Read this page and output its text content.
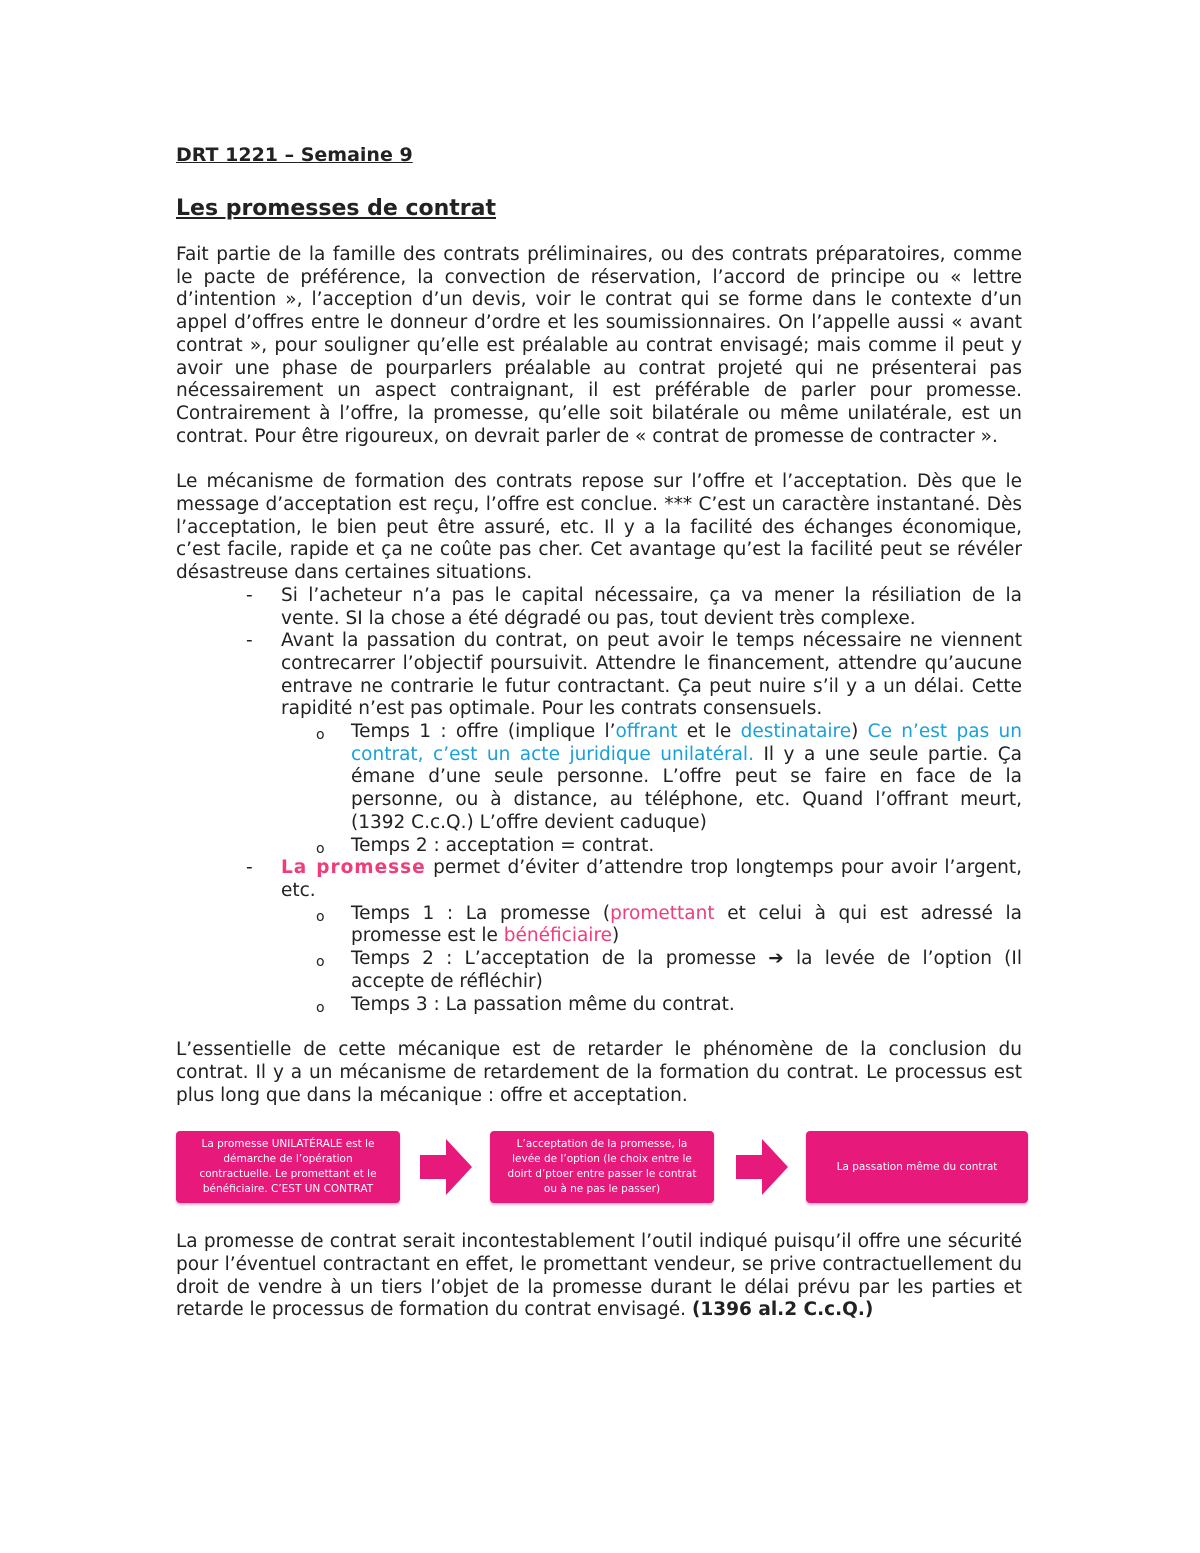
DRT 1221 – Semaine 9
Les promesses de contrat

Fait partie de la famille des contrats préliminaires, ou des contrats préparatoires, comme le pacte de préférence, la convection de réservation, l’accord de principe ou « lettre d’intention », l’acception d’un devis, voir le contrat qui se forme dans le contexte d’un appel d’offres entre le donneur d’ordre et les soumissionnaires. On l’appelle aussi « avant contrat », pour souligner qu’elle est préalable au contrat envisagé; mais comme il peut y avoir une phase de pourparlers préalable au contrat projeté qui ne présenterai pas nécessairement un aspect contraignant, il est préférable de parler pour promesse. Contrairement à l’offre, la promesse, qu’elle soit bilatérale ou même unilatérale, est un contrat. Pour être rigoureux, on devrait parler de « contrat de promesse de contracter ».

Le mécanisme de formation des contrats repose sur l’offre et l’acceptation. Dès que le message d’acceptation est reçu, l’offre est conclue. *** C’est un caractère instantané. Dès l’acceptation, le bien peut être assuré, etc. Il y a la facilité des échanges économique, c’est facile, rapide et ça ne coûte pas cher. Cet avantage qu’est la facilité peut se révéler désastreuse dans certaines situations.

- Si l’acheteur n’a pas le capital nécessaire, ça va mener la résiliation de la vente. SI la chose a été dégradé ou pas, tout devient très complexe.
- Avant la passation du contrat, on peut avoir le temps nécessaire ne viennent contrecarrer l’objectif poursuivit. Attendre le financement, attendre qu’aucune entrave ne contrarie le futur contractant. Ça peut nuire s’il y a un délai. Cette rapidité n’est pas optimale. Pour les contrats consensuels.
o Temps 1 : offre (implique l’offrant et le destinataire) Ce n’est pas un contrat, c’est un acte juridique unilatéral. Il y a une seule partie. Ça émane d’une seule personne. L’offre peut se faire en face de la personne, ou à distance, au téléphone, etc. Quand l’offrant meurt, (1392 C.c.Q.) L’offre devient caduque)
o Temps 2 : acceptation = contrat.
- La promesse permet d’éviter d’attendre trop longtemps pour avoir l’argent, etc.
o Temps 1 : La promesse (promettant et celui à qui est adressé la promesse est le bénéficiaire)
o Temps 2 : L’acceptation de la promesse ➔ la levée de l’option (Il accepte de réfléchir)
o Temps 3 : La passation même du contrat.

L’essentielle de cette mécanique est de retarder le phénomène de la conclusion du contrat. Il y a un mécanisme de retardement de la formation du contrat. Le processus est plus long que dans la mécanique : offre et acceptation.

La promesse UNILATÉRALE est le démarche de l’opération contractuelle. Le promettant et le bénéficiaire. C’EST UN CONTRAT
L’acceptation de la promesse, la levée de l’option (le choix entre le doirt d’ptoer entre passer le contrat ou à ne pas le passer)
La passation même du contrat

La promesse de contrat serait incontestablement l’outil indiqué puisqu’il offre une sécurité pour l’éventuel contractant en effet, le promettant vendeur, se prive contractuellement du droit de vendre à un tiers l’objet de la promesse durant le délai prévu par les parties et retarde le processus de formation du contrat envisagé. (1396 al.2 C.c.Q.)
